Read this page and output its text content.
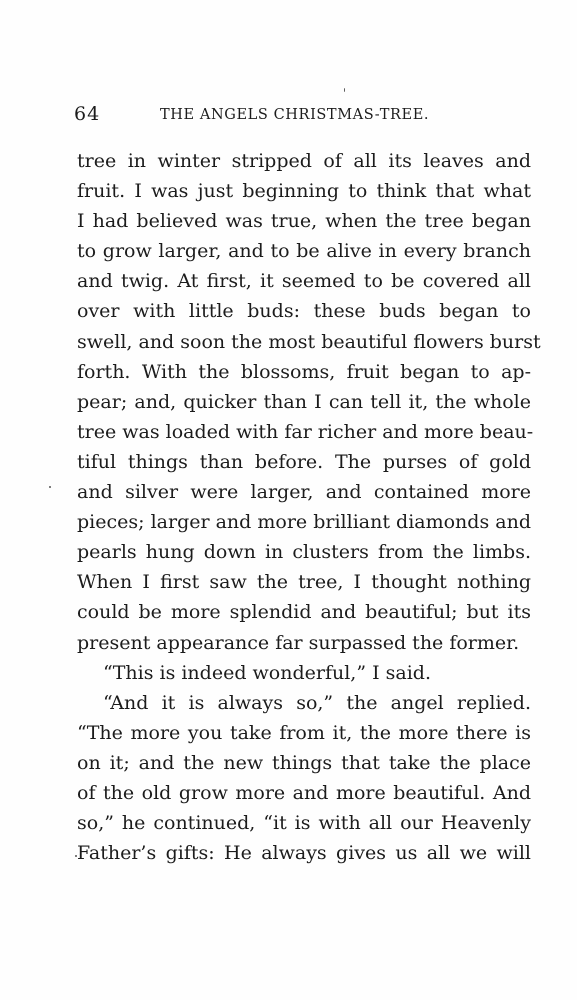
64	THE ANGELS CHRISTMAS-TREE.
tree in winter stripped of all its leaves and
fruit. I was just beginning to think that what
I had believed was true, when the tree began
to grow larger, and to be alive in every branch
and twig. At first, it seemed to be covered all
over with little buds: these buds began to
swell, and soon the most beautiful flowers burst
forth. With the blossoms, fruit began to ap-
pear; and, quicker than I can tell it, the whole
tree was loaded with far richer and more beau-
tiful things than before. The purses of gold
and silver were larger, and contained more
pieces; larger and more brilliant diamonds and
pearls hung down in clusters from the limbs.
When I first saw the tree, I thought nothing
could be more splendid and beautiful; but its
present appearance far surpassed the former.
“This is indeed wonderful,” I said.
“And it is always so,” the angel replied.
“The more you take from it, the more there is
on it; and the new things that take the place
of the old grow more and more beautiful. And
so,” he continued, “it is with all our Heavenly
Father’s gifts: He always gives us all we will
